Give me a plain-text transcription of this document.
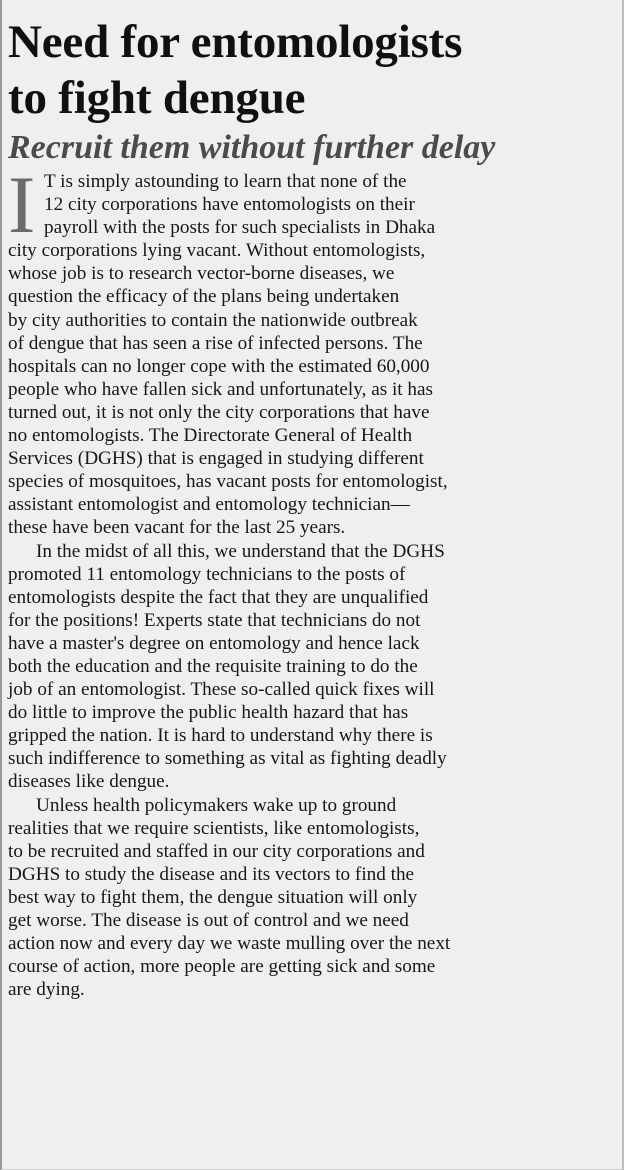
Need for entomologists
to fight dengue
Recruit them without further delay

I T is simply astounding to learn that none of the
12 city corporations have entomologists on their
payroll with the posts for such specialists in Dhaka
city corporations lying vacant. Without entomologists,
whose job is to research vector-borne diseases, we
question the efficacy of the plans being undertaken
by city authorities to contain the nationwide outbreak
of dengue that has seen a rise of infected persons. The
hospitals can no longer cope with the estimated 60,000
people who have fallen sick and unfortunately, as it has
turned out, it is not only the city corporations that have
no entomologists. The Directorate General of Health
Services (DGHS) that is engaged in studying different
species of mosquitoes, has vacant posts for entomologist,
assistant entomologist and entomology technician—
these have been vacant for the last 25 years.

In the midst of all this, we understand that the DGHS
promoted 11 entomology technicians to the posts of
entomologists despite the fact that they are unqualified
for the positions! Experts state that technicians do not
have a master's degree on entomology and hence lack
both the education and the requisite training to do the
job of an entomologist. These so-called quick fixes will
do little to improve the public health hazard that has
gripped the nation. It is hard to understand why there is
such indifference to something as vital as fighting deadly
diseases like dengue.

Unless health policymakers wake up to ground
realities that we require scientists, like entomologists,
to be recruited and staffed in our city corporations and
DGHS to study the disease and its vectors to find the
best way to fight them, the dengue situation will only
get worse. The disease is out of control and we need
action now and every day we waste mulling over the next
course of action, more people are getting sick and some
are dying.
